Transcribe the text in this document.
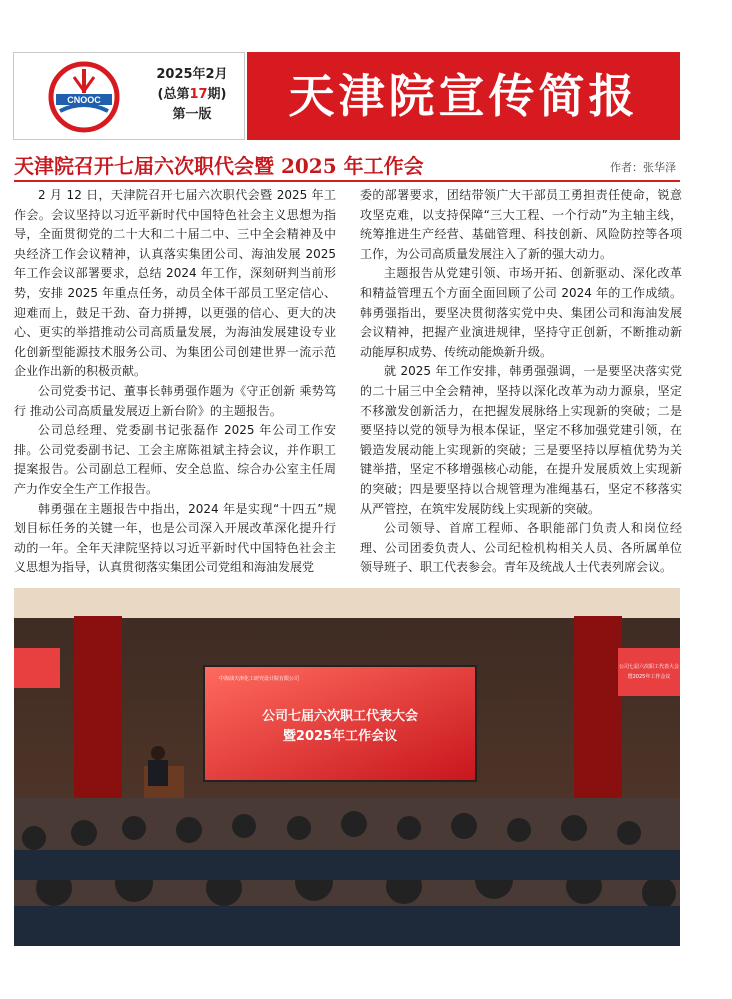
CNOOC
2025年2月
(总第17期)
第一版	天津院宣传简报
天津院召开七届六次职代会暨 2025 年工作会	作者：张华泽

2 月 12 日，天津院召开七届六次职代会暨 2025 年工作会。会议坚持以习近平新时代中国特色社会主义思想为指导，全面贯彻党的二十大和二十届二中、三中全会精神及中央经济工作会议精神，认真落实集团公司、海油发展 2025 年工作会议部署要求，总结 2024 年工作，深刻研判当前形势，安排 2025 年重点任务，动员全体干部员工坚定信心、迎难而上，鼓足干劲、奋力拼搏，以更强的信心、更大的决心、更实的举措推动公司高质量发展，为海油发展建设专业化创新型能源技术服务公司、为集团公司创建世界一流示范企业作出新的积极贡献。

公司党委书记、董事长韩勇强作题为《守正创新 乘势笃行 推动公司高质量发展迈上新台阶》的主题报告。

公司总经理、党委副书记张磊作 2025 年公司工作安排。公司党委副书记、工会主席陈祖斌主持会议，并作职工提案报告。公司副总工程师、安全总监、综合办公室主任周产力作安全生产工作报告。

韩勇强在主题报告中指出，2024 年是实现“十四五”规划目标任务的关键一年，也是公司深入开展改革深化提升行动的一年。全年天津院坚持以习近平新时代中国特色社会主义思想为指导，认真贯彻落实集团公司党组和海油发展党

委的部署要求，团结带领广大干部员工勇担责任使命，锐意攻坚克难，以支持保障“三大工程、一个行动”为主轴主线，统筹推进生产经营、基础管理、科技创新、风险防控等各项工作，为公司高质量发展注入了新的强大动力。

主题报告从党建引领、市场开拓、创新驱动、深化改革和精益管理五个方面全面回顾了公司 2024 年的工作成绩。韩勇强指出，要坚决贯彻落实党中央、集团公司和海油发展会议精神，把握产业演进规律，坚持守正创新，不断推动新动能厚积成势、传统动能焕新升级。

就 2025 年工作安排，韩勇强强调，一是要坚决落实党的二十届三中全会精神，坚持以深化改革为动力源泉，坚定不移激发创新活力，在把握发展脉络上实现新的突破；二是要坚持以党的领导为根本保证，坚定不移加强党建引领，在锻造发展动能上实现新的突破；三是要坚持以厚植优势为关键举措，坚定不移增强核心动能，在提升发展质效上实现新的突破；四是要坚持以合规管理为准绳基石，坚定不移落实从严管控，在筑牢发展防线上实现新的突破。

公司领导、首席工程师、各职能部门负责人和岗位经理、公司团委负责人、公司纪检机构相关人员、各所属单位领导班子、职工代表参会。青年及统战人士代表列席会议。

公司七届六次职工代表大会
暨2025年工作会议
中海油天津化工研究设计院有限公司
公司七届六次职工代表大会
暨2025年工作会议
